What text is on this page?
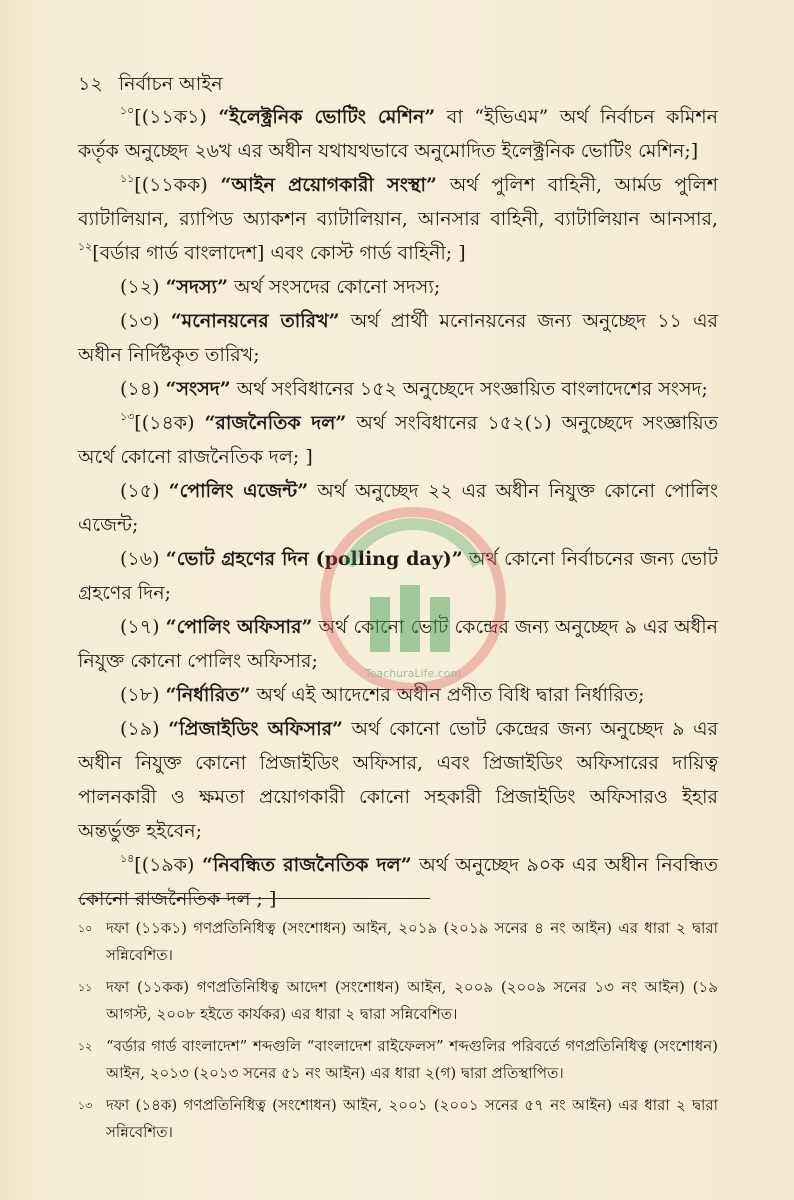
১২ নির্বাচন আইন

$^{১০}$[(১১ক১) “ইলেক্ট্রনিক ভোটিং মেশিন” বা “ইভিএম” অর্থ নির্বাচন কমিশন কর্তৃক অনুচ্ছেদ ২৬খ এর অধীন যথাযথভাবে অনুমোদিত ইলেক্ট্রনিক ভোটিং মেশিন;]

$^{১১}$[(১১কক) “আইন প্রয়োগকারী সংস্থা” অর্থ পুলিশ বাহিনী, আর্মড পুলিশ ব্যাটালিয়ান, র‍্যাপিড অ্যাকশন ব্যাটালিয়ান, আনসার বাহিনী, ব্যাটালিয়ান আনসার, $^{১২}$[বর্ডার গার্ড বাংলাদেশ] এবং কোস্ট গার্ড বাহিনী; ]

(১২) “সদস্য” অর্থ সংসদের কোনো সদস্য;

(১৩) “মনোনয়নের তারিখ” অর্থ প্রার্থী মনোনয়নের জন্য অনুচ্ছেদ ১১ এর অধীন নির্দিষ্টকৃত তারিখ;

(১৪) “সংসদ” অর্থ সংবিধানের ১৫২ অনুচ্ছেদে সংজ্ঞায়িত বাংলাদেশের সংসদ;

$^{১৩}$[(১৪ক) “রাজনৈতিক দল” অর্থ সংবিধানের ১৫২(১) অনুচ্ছেদে সংজ্ঞায়িত অর্থে কোনো রাজনৈতিক দল; ]

(১৫) “পোলিং এজেন্ট” অর্থ অনুচ্ছেদ ২২ এর অধীন নিযুক্ত কোনো পোলিং এজেন্ট;

(১৬) “ভোট গ্রহণের দিন (polling day)” অর্থ কোনো নির্বাচনের জন্য ভোট গ্রহণের দিন;

(১৭) “পোলিং অফিসার” অর্থ কোনো ভোট কেন্দ্রের জন্য অনুচ্ছেদ ৯ এর অধীন নিযুক্ত কোনো পোলিং অফিসার;

(১৮) “নির্ধারিত” অর্থ এই আদেশের অধীন প্রণীত বিধি দ্বারা নির্ধারিত;

(১৯) “প্রিজাইডিং অফিসার” অর্থ কোনো ভোট কেন্দ্রের জন্য অনুচ্ছেদ ৯ এর অধীন নিযুক্ত কোনো প্রিজাইডিং অফিসার, এবং প্রিজাইডিং অফিসারের দায়িত্ব পালনকারী ও ক্ষমতা প্রয়োগকারী কোনো সহকারী প্রিজাইডিং অফিসারও ইহার অন্তর্ভুক্ত হইবেন;

$^{১৪}$[(১৯ক) “নিবন্ধিত রাজনৈতিক দল” অর্থ অনুচ্ছেদ ৯০ক এর অধীন নিবন্ধিত কোনো রাজনৈতিক দল ; ]

১০ দফা (১১ক১) গণপ্রতিনিধিত্ব (সংশোধন) আইন, ২০১৯ (২০১৯ সনের ৪ নং আইন) এর ধারা ২ দ্বারা সন্নিবেশিত।
১১ দফা (১১কক) গণপ্রতিনিধিত্ব আদেশ (সংশোধন) আইন, ২০০৯ (২০০৯ সনের ১৩ নং আইন) (১৯ আগস্ট, ২০০৮ হইতে কার্যকর) এর ধারা ২ দ্বারা সন্নিবেশিত।
১২ “বর্ডার গার্ড বাংলাদেশ” শব্দগুলি “বাংলাদেশ রাইফেলস” শব্দগুলির পরিবর্তে গণপ্রতিনিধিত্ব (সংশোধন) আইন, ২০১৩ (২০১৩ সনের ৫১ নং আইন) এর ধারা ২(গ) দ্বারা প্রতিস্থাপিত।
১৩ দফা (১৪ক) গণপ্রতিনিধিত্ব (সংশোধন) আইন, ২০০১ (২০০১ সনের ৫৭ নং আইন) এর ধারা ২ দ্বারা সন্নিবেশিত।
TeachuraLife.com
